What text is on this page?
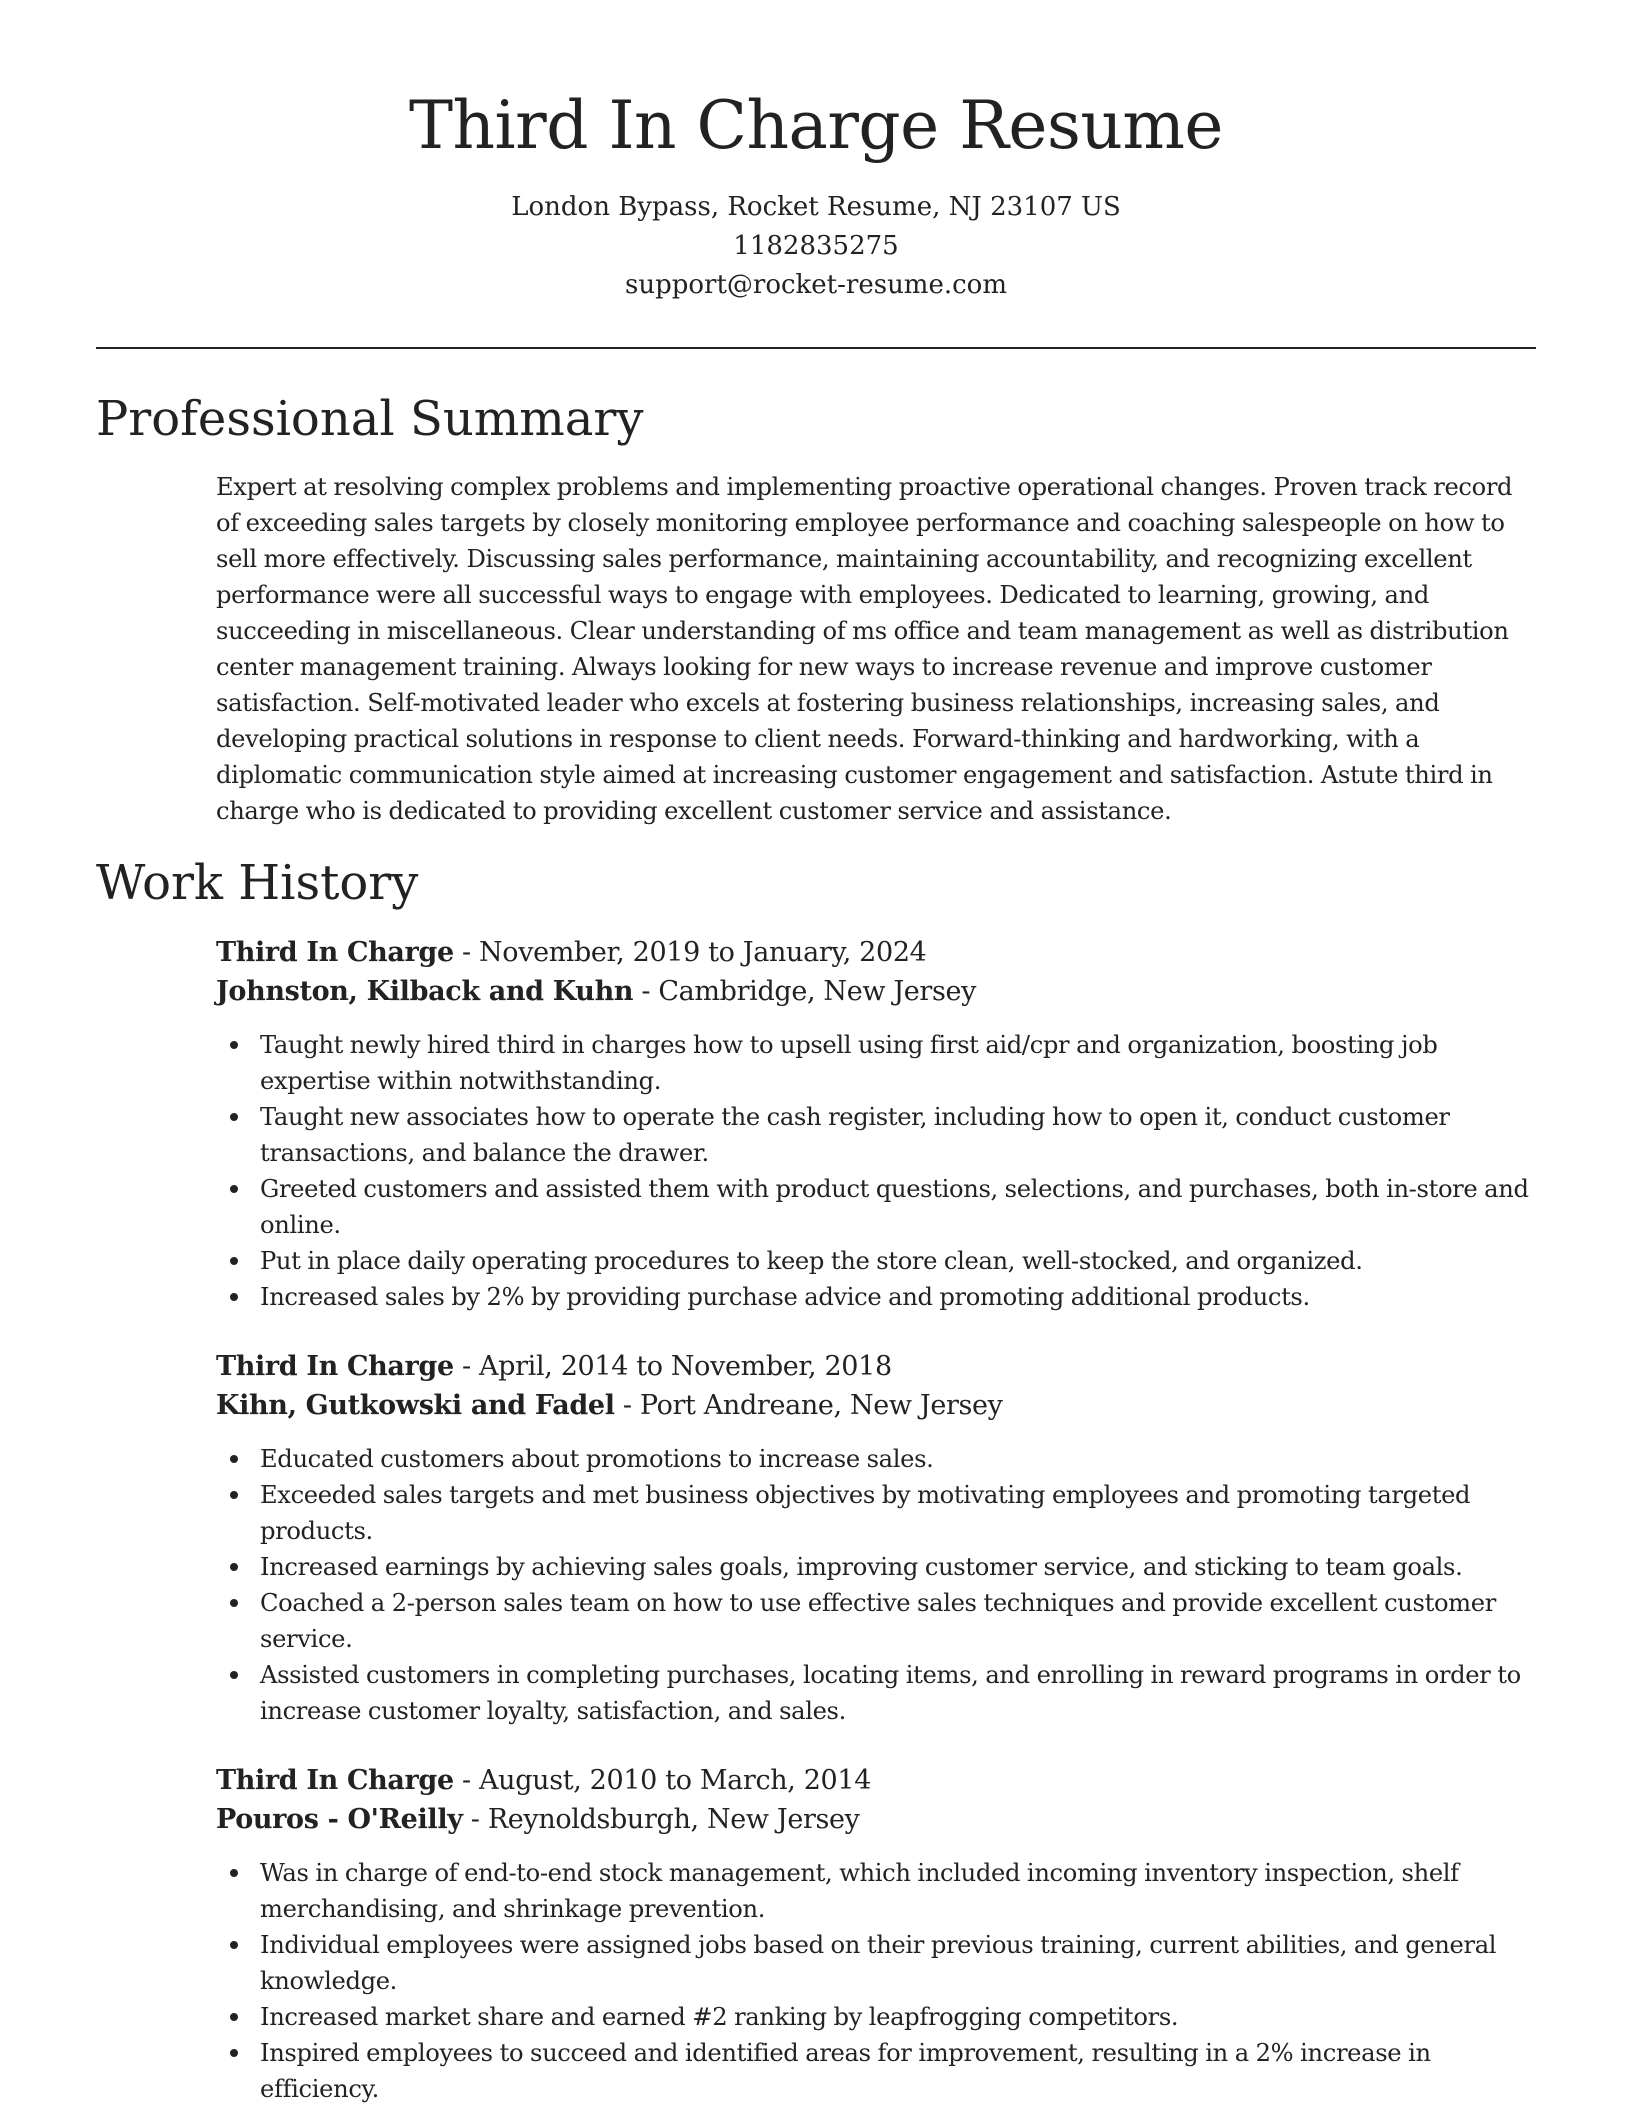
Third In Charge Resume
London Bypass, Rocket Resume, NJ 23107 US
1182835275
support@rocket-resume.com
Professional Summary
Expert at resolving complex problems and implementing proactive operational changes. Proven track record of exceeding sales targets by closely monitoring employee performance and coaching salespeople on how to sell more effectively. Discussing sales performance, maintaining accountability, and recognizing excellent performance were all successful ways to engage with employees. Dedicated to learning, growing, and succeeding in miscellaneous. Clear understanding of ms office and team management as well as distribution center management training. Always looking for new ways to increase revenue and improve customer satisfaction. Self-motivated leader who excels at fostering business relationships, increasing sales, and developing practical solutions in response to client needs. Forward-thinking and hardworking, with a diplomatic communication style aimed at increasing customer engagement and satisfaction. Astute third in charge who is dedicated to providing excellent customer service and assistance.
Work History
Third In Charge - November, 2019 to January, 2024
Johnston, Kilback and Kuhn - Cambridge, New Jersey
Taught newly hired third in charges how to upsell using first aid/cpr and organization, boosting job expertise within notwithstanding.
Taught new associates how to operate the cash register, including how to open it, conduct customer transactions, and balance the drawer.
Greeted customers and assisted them with product questions, selections, and purchases, both in-store and online.
Put in place daily operating procedures to keep the store clean, well-stocked, and organized.
Increased sales by 2% by providing purchase advice and promoting additional products.
Third In Charge - April, 2014 to November, 2018
Kihn, Gutkowski and Fadel - Port Andreane, New Jersey
Educated customers about promotions to increase sales.
Exceeded sales targets and met business objectives by motivating employees and promoting targeted products.
Increased earnings by achieving sales goals, improving customer service, and sticking to team goals.
Coached a 2-person sales team on how to use effective sales techniques and provide excellent customer service.
Assisted customers in completing purchases, locating items, and enrolling in reward programs in order to increase customer loyalty, satisfaction, and sales.
Third In Charge - August, 2010 to March, 2014
Pouros - O'Reilly - Reynoldsburgh, New Jersey
Was in charge of end-to-end stock management, which included incoming inventory inspection, shelf merchandising, and shrinkage prevention.
Individual employees were assigned jobs based on their previous training, current abilities, and general knowledge.
Increased market share and earned #2 ranking by leapfrogging competitors.
Inspired employees to succeed and identified areas for improvement, resulting in a 2% increase in efficiency.
